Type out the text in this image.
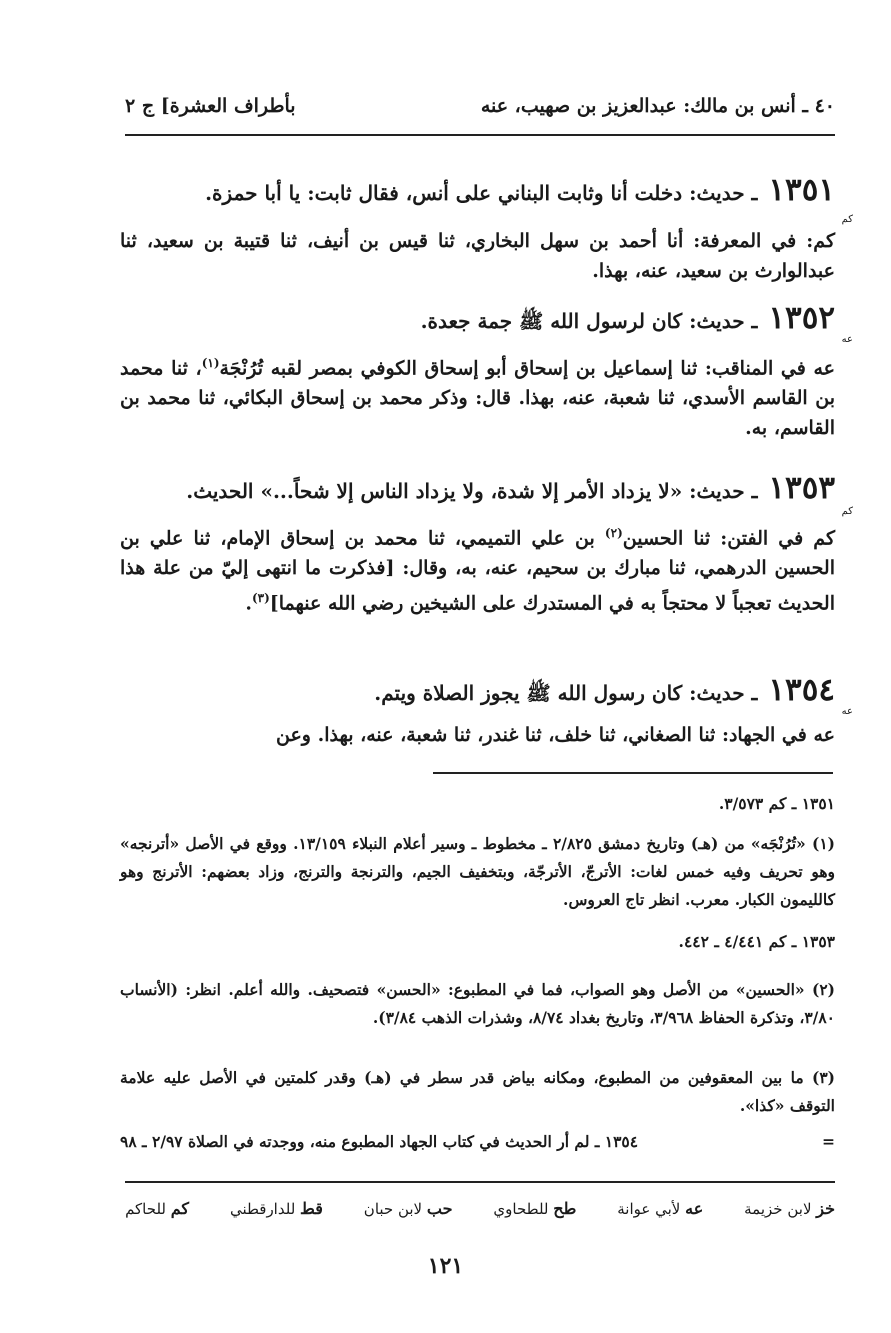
بأطراف العشرة] ج ٢	٤٠ ـ أنس بن مالك: عبدالعزيز بن صهيب، عنه
١٣٥١ ـ حديث: دخلت أنا وثابت البناني على أنس، فقال ثابت: يا أبا حمزة.
كم
كم: في المعرفة: أنا أحمد بن سهل البخاري، ثنا قيس بن أنيف، ثنا قتيبة بن سعيد، ثنا عبدالوارث بن سعيد، عنه، بهذا.
١٣٥٢ ـ حديث: كان لرسول الله ﷺ جمة جعدة.
عه
عه في المناقب: ثنا إسماعيل بن إسحاق أبو إسحاق الكوفي بمصر لقبه تُرُنْجَة$^{(١)}$، ثنا محمد بن القاسم الأسدي، ثنا شعبة، عنه، بهذا. قال: وذكر محمد بن إسحاق البكائي، ثنا محمد بن القاسم، به.
١٣٥٣ ـ حديث: «لا يزداد الأمر إلا شدة، ولا يزداد الناس إلا شحاً...» الحديث.
كم
كم في الفتن: ثنا الحسين$^{(٢)}$ بن علي التميمي، ثنا محمد بن إسحاق الإمام، ثنا علي بن الحسين الدرهمي، ثنا مبارك بن سحيم، عنه، به، وقال: [فذكرت ما انتهى إليّ من علة هذا الحديث تعجباً لا محتجاً به في المستدرك على الشيخين رضي الله عنهما]$^{(٣)}$.
١٣٥٤ ـ حديث: كان رسول الله ﷺ يجوز الصلاة ويتم.
عه
عه في الجهاد: ثنا الصغاني، ثنا خلف، ثنا غندر، ثنا شعبة، عنه، بهذا. وعن
١٣٥١ ـ كم ٣/٥٧٣.
(١) «تُرُنْجَه» من (هـ) وتاريخ دمشق ٢/٨٢٥ ـ مخطوط ـ وسير أعلام النبلاء ١٣/١٥٩. ووقع في الأصل «أترنجه» وهو تحريف وفيه خمس لغات: الأترجّ، الأترجّة، وبتخفيف الجيم، والترنجة والترنج، وزاد بعضهم: الأترنج وهو كالليمون الكبار. معرب. انظر تاج العروس.
١٣٥٣ ـ كم ٤/٤٤١ ـ ٤٤٢.
(٢) «الحسين» من الأصل وهو الصواب، فما في المطبوع: «الحسن» فتصحيف. والله أعلم. انظر: (الأنساب ٣/٨٠، وتذكرة الحفاظ ٣/٩٦٨، وتاريخ بغداد ٨/٧٤، وشذرات الذهب ٣/٨٤).
(٣) ما بين المعقوفين من المطبوع، ومكانه بياض قدر سطر في (هـ) وقدر كلمتين في الأصل عليه علامة التوقف «كذا».
١٣٥٤ ـ لم أر الحديث في كتاب الجهاد المطبوع منه، ووجدته في الصلاة ٢/٩٧ ـ ٩٨	=
خز لابن خزيمة
عه لأبي عوانة
طح للطحاوي
حب لابن حبان
قط للدارقطني
كم للحاكم
١٢١
